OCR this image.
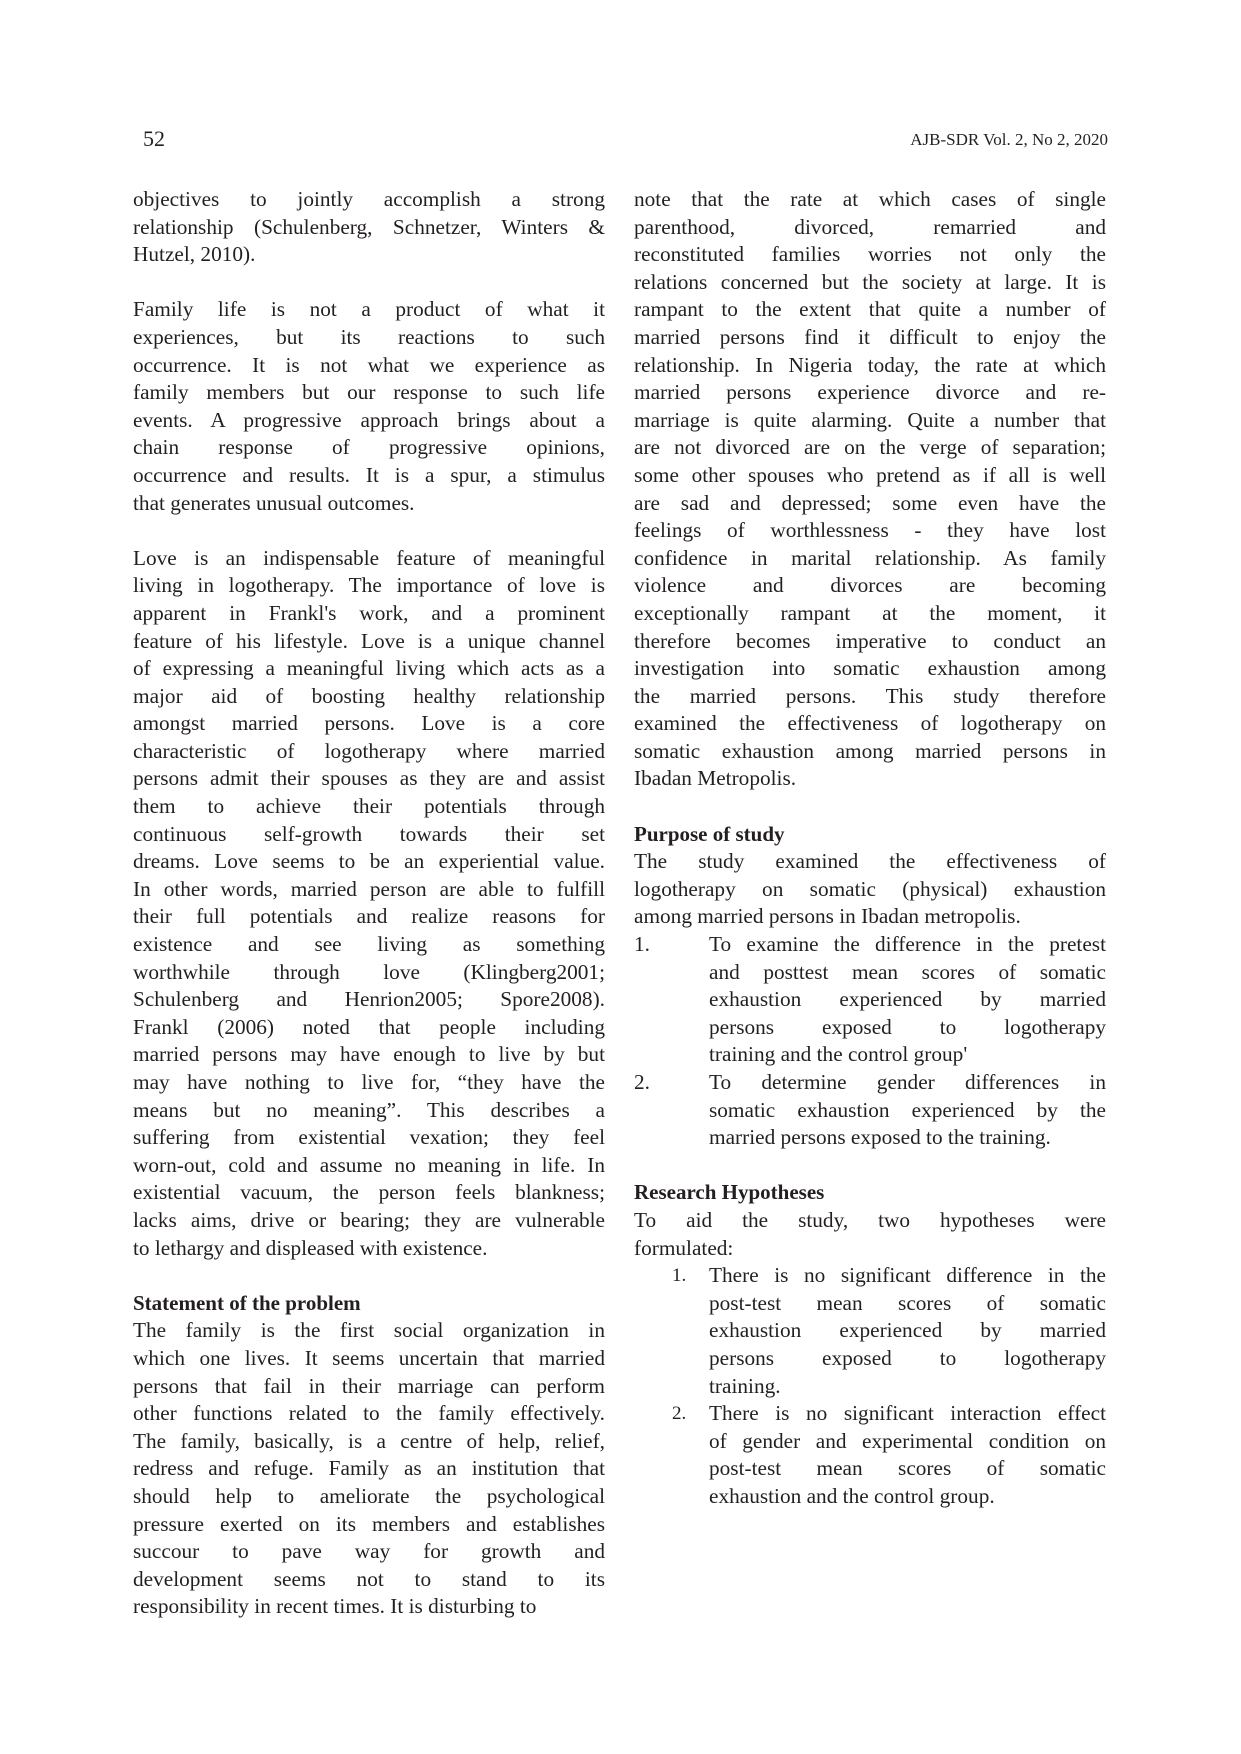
52	AJB-SDR Vol. 2, No 2, 2020
objectives to jointly accomplish a strong
relationship (Schulenberg, Schnetzer, Winters &
Hutzel, 2010).
Family life is not a product of what it
experiences, but its reactions to such
occurrence. It is not what we experience as
family members but our response to such life
events. A progressive approach brings about a
chain response of progressive opinions,
occurrence and results. It is a spur, a stimulus
that generates unusual outcomes.
Love is an indispensable feature of meaningful
living in logotherapy. The importance of love is
apparent in Frankl's work, and a prominent
feature of his lifestyle. Love is a unique channel
of expressing a meaningful living which acts as a
major aid of boosting healthy relationship
amongst married persons. Love is a core
characteristic of logotherapy where married
persons admit their spouses as they are and assist
them to achieve their potentials through
continuous self-growth towards their set
dreams. Love seems to be an experiential value.
In other words, married person are able to fulfill
their full potentials and realize reasons for
existence and see living as something
worthwhile through love (Klingberg2001;
Schulenberg and Henrion2005; Spore2008).
Frankl (2006) noted that people including
married persons may have enough to live by but
may have nothing to live for, “they have the
means but no meaning”. This describes a
suffering from existential vexation; they feel
worn-out, cold and assume no meaning in life. In
existential vacuum, the person feels blankness;
lacks aims, drive or bearing; they are vulnerable
to lethargy and displeased with existence.
Statement of the problem
The family is the first social organization in
which one lives. It seems uncertain that married
persons that fail in their marriage can perform
other functions related to the family effectively.
The family, basically, is a centre of help, relief,
redress and refuge. Family as an institution that
should help to ameliorate the psychological
pressure exerted on its members and establishes
succour to pave way for growth and
development seems not to stand to its
responsibility in recent times. It is disturbing to
note that the rate at which cases of single
parenthood, divorced, remarried and
reconstituted families worries not only the
relations concerned but the society at large. It is
rampant to the extent that quite a number of
married persons find it difficult to enjoy the
relationship. In Nigeria today, the rate at which
married persons experience divorce and re-
marriage is quite alarming. Quite a number that
are not divorced are on the verge of separation;
some other spouses who pretend as if all is well
are sad and depressed; some even have the
feelings of worthlessness - they have lost
confidence in marital relationship. As family
violence and divorces are becoming
exceptionally rampant at the moment, it
therefore becomes imperative to conduct an
investigation into somatic exhaustion among
the married persons. This study therefore
examined the effectiveness of logotherapy on
somatic exhaustion among married persons in
Ibadan Metropolis.
Purpose of study
The study examined the effectiveness of
logotherapy on somatic (physical) exhaustion
among married persons in Ibadan metropolis.
1.	To examine the difference in the pretest
and posttest mean scores of somatic
exhaustion experienced by married
persons exposed to logotherapy
training and the control group'
2.	To determine gender differences in
somatic exhaustion experienced by the
married persons exposed to the training.
Research Hypotheses
To aid the study, two hypotheses were
formulated:
1. There is no significant difference in the
post-test mean scores of somatic
exhaustion experienced by married
persons exposed to logotherapy
training.
2. There is no significant interaction effect
of gender and experimental condition on
post-test mean scores of somatic
exhaustion and the control group.
